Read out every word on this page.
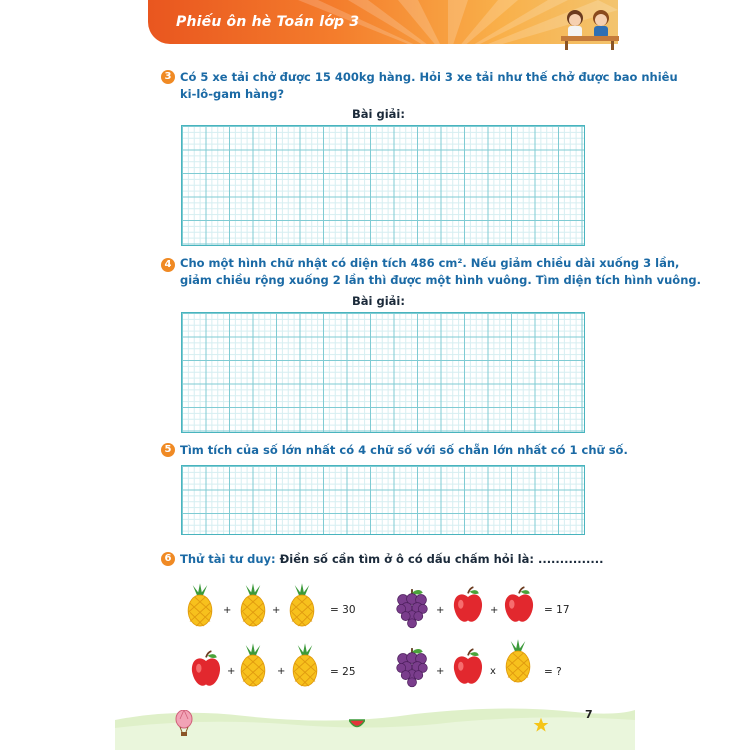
Phiếu ôn hè Toán lớp 3
3 Có 5 xe tải chở được 15 400kg hàng. Hỏi 3 xe tải như thế chở được bao nhiêu
ki-lô-gam hàng?
Bài giải:
4 Cho một hình chữ nhật có diện tích 486 cm². Nếu giảm chiều dài xuống 3 lần,
giảm chiều rộng xuống 2 lần thì được một hình vuông. Tìm diện tích hình vuông.
Bài giải:
5 Tìm tích của số lớn nhất có 4 chữ số với số chẵn lớn nhất có 1 chữ số.
6 Thử tài tư duy: Điền số cần tìm ở ô có dấu chấm hỏi là: ...............
+	+	= 30
+	+	= 25
+	+	= 17
+	x	= ?
7
